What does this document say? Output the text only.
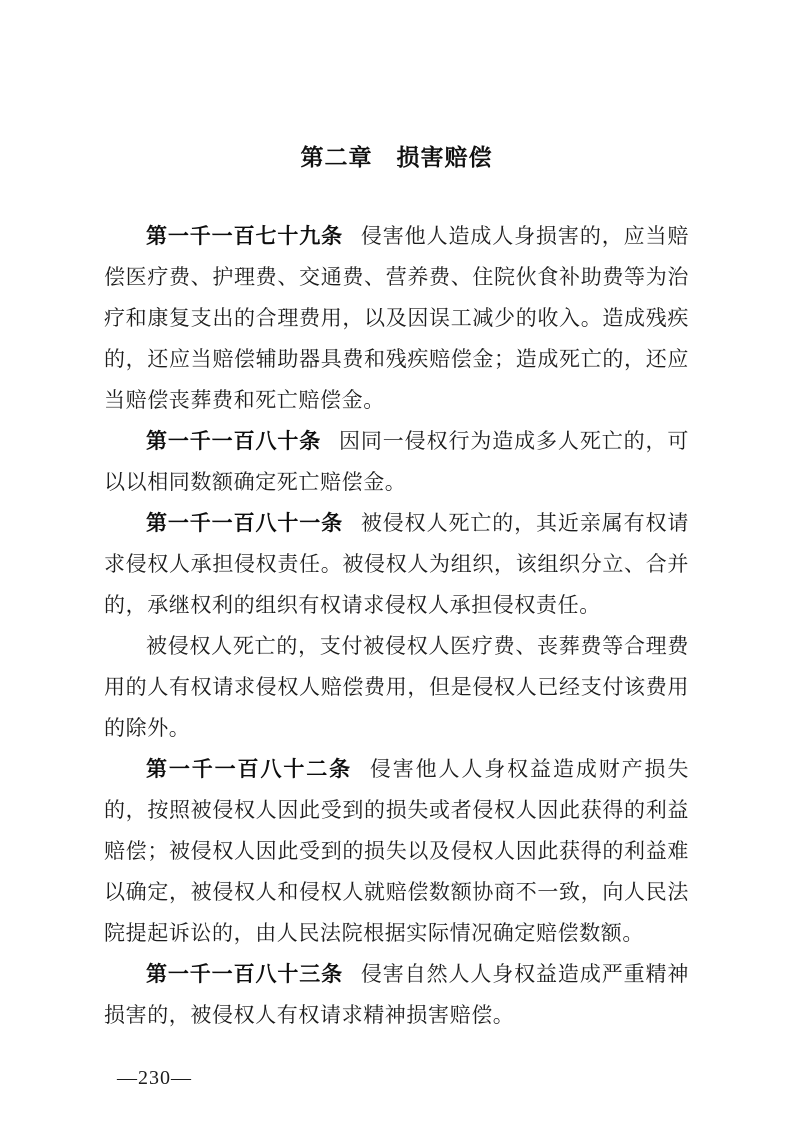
第二章　损害赔偿

第一千一百七十九条 侵害他人造成人身损害的，应当赔偿医疗费、护理费、交通费、营养费、住院伙食补助费等为治疗和康复支出的合理费用，以及因误工减少的收入。造成残疾的，还应当赔偿辅助器具费和残疾赔偿金；造成死亡的，还应当赔偿丧葬费和死亡赔偿金。

第一千一百八十条 因同一侵权行为造成多人死亡的，可以以相同数额确定死亡赔偿金。

第一千一百八十一条 被侵权人死亡的，其近亲属有权请求侵权人承担侵权责任。被侵权人为组织，该组织分立、合并的，承继权利的组织有权请求侵权人承担侵权责任。

被侵权人死亡的，支付被侵权人医疗费、丧葬费等合理费用的人有权请求侵权人赔偿费用，但是侵权人已经支付该费用的除外。

第一千一百八十二条 侵害他人人身权益造成财产损失的，按照被侵权人因此受到的损失或者侵权人因此获得的利益赔偿；被侵权人因此受到的损失以及侵权人因此获得的利益难以确定，被侵权人和侵权人就赔偿数额协商不一致，向人民法院提起诉讼的，由人民法院根据实际情况确定赔偿数额。

第一千一百八十三条 侵害自然人人身权益造成严重精神损害的，被侵权人有权请求精神损害赔偿。

—230—
